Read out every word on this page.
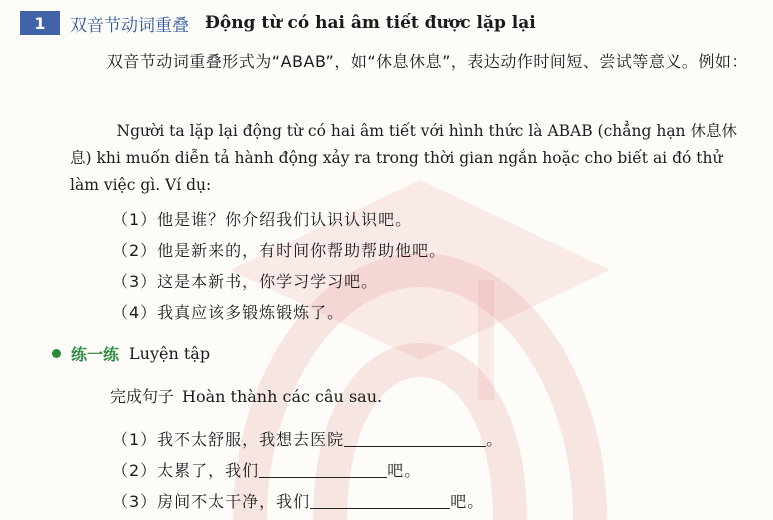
1	双音节动词重叠 Động từ có hai âm tiết được lặp lại
双音节动词重叠形式为“ABAB”，如“休息休息”，表达动作时间短、尝试等意义。例如：
Người ta lặp lại động từ có hai âm tiết với hình thức là ABAB (chẳng hạn 休息休息) khi muốn diễn tả hành động xảy ra trong thời gian ngắn hoặc cho biết ai đó thử làm việc gì. Ví dụ:
（1）他是谁？你介绍我们认识认识吧。
（2）他是新来的，有时间你帮助帮助他吧。
（3）这是本新书，你学习学习吧。
（4）我真应该多锻炼锻炼了。
练一练 Luyện tập
完成句子 Hoàn thành các câu sau.
（1）我不太舒服，我想去医院	。
（2）太累了，我们	吧。
（3）房间不太干净，我们	吧。
